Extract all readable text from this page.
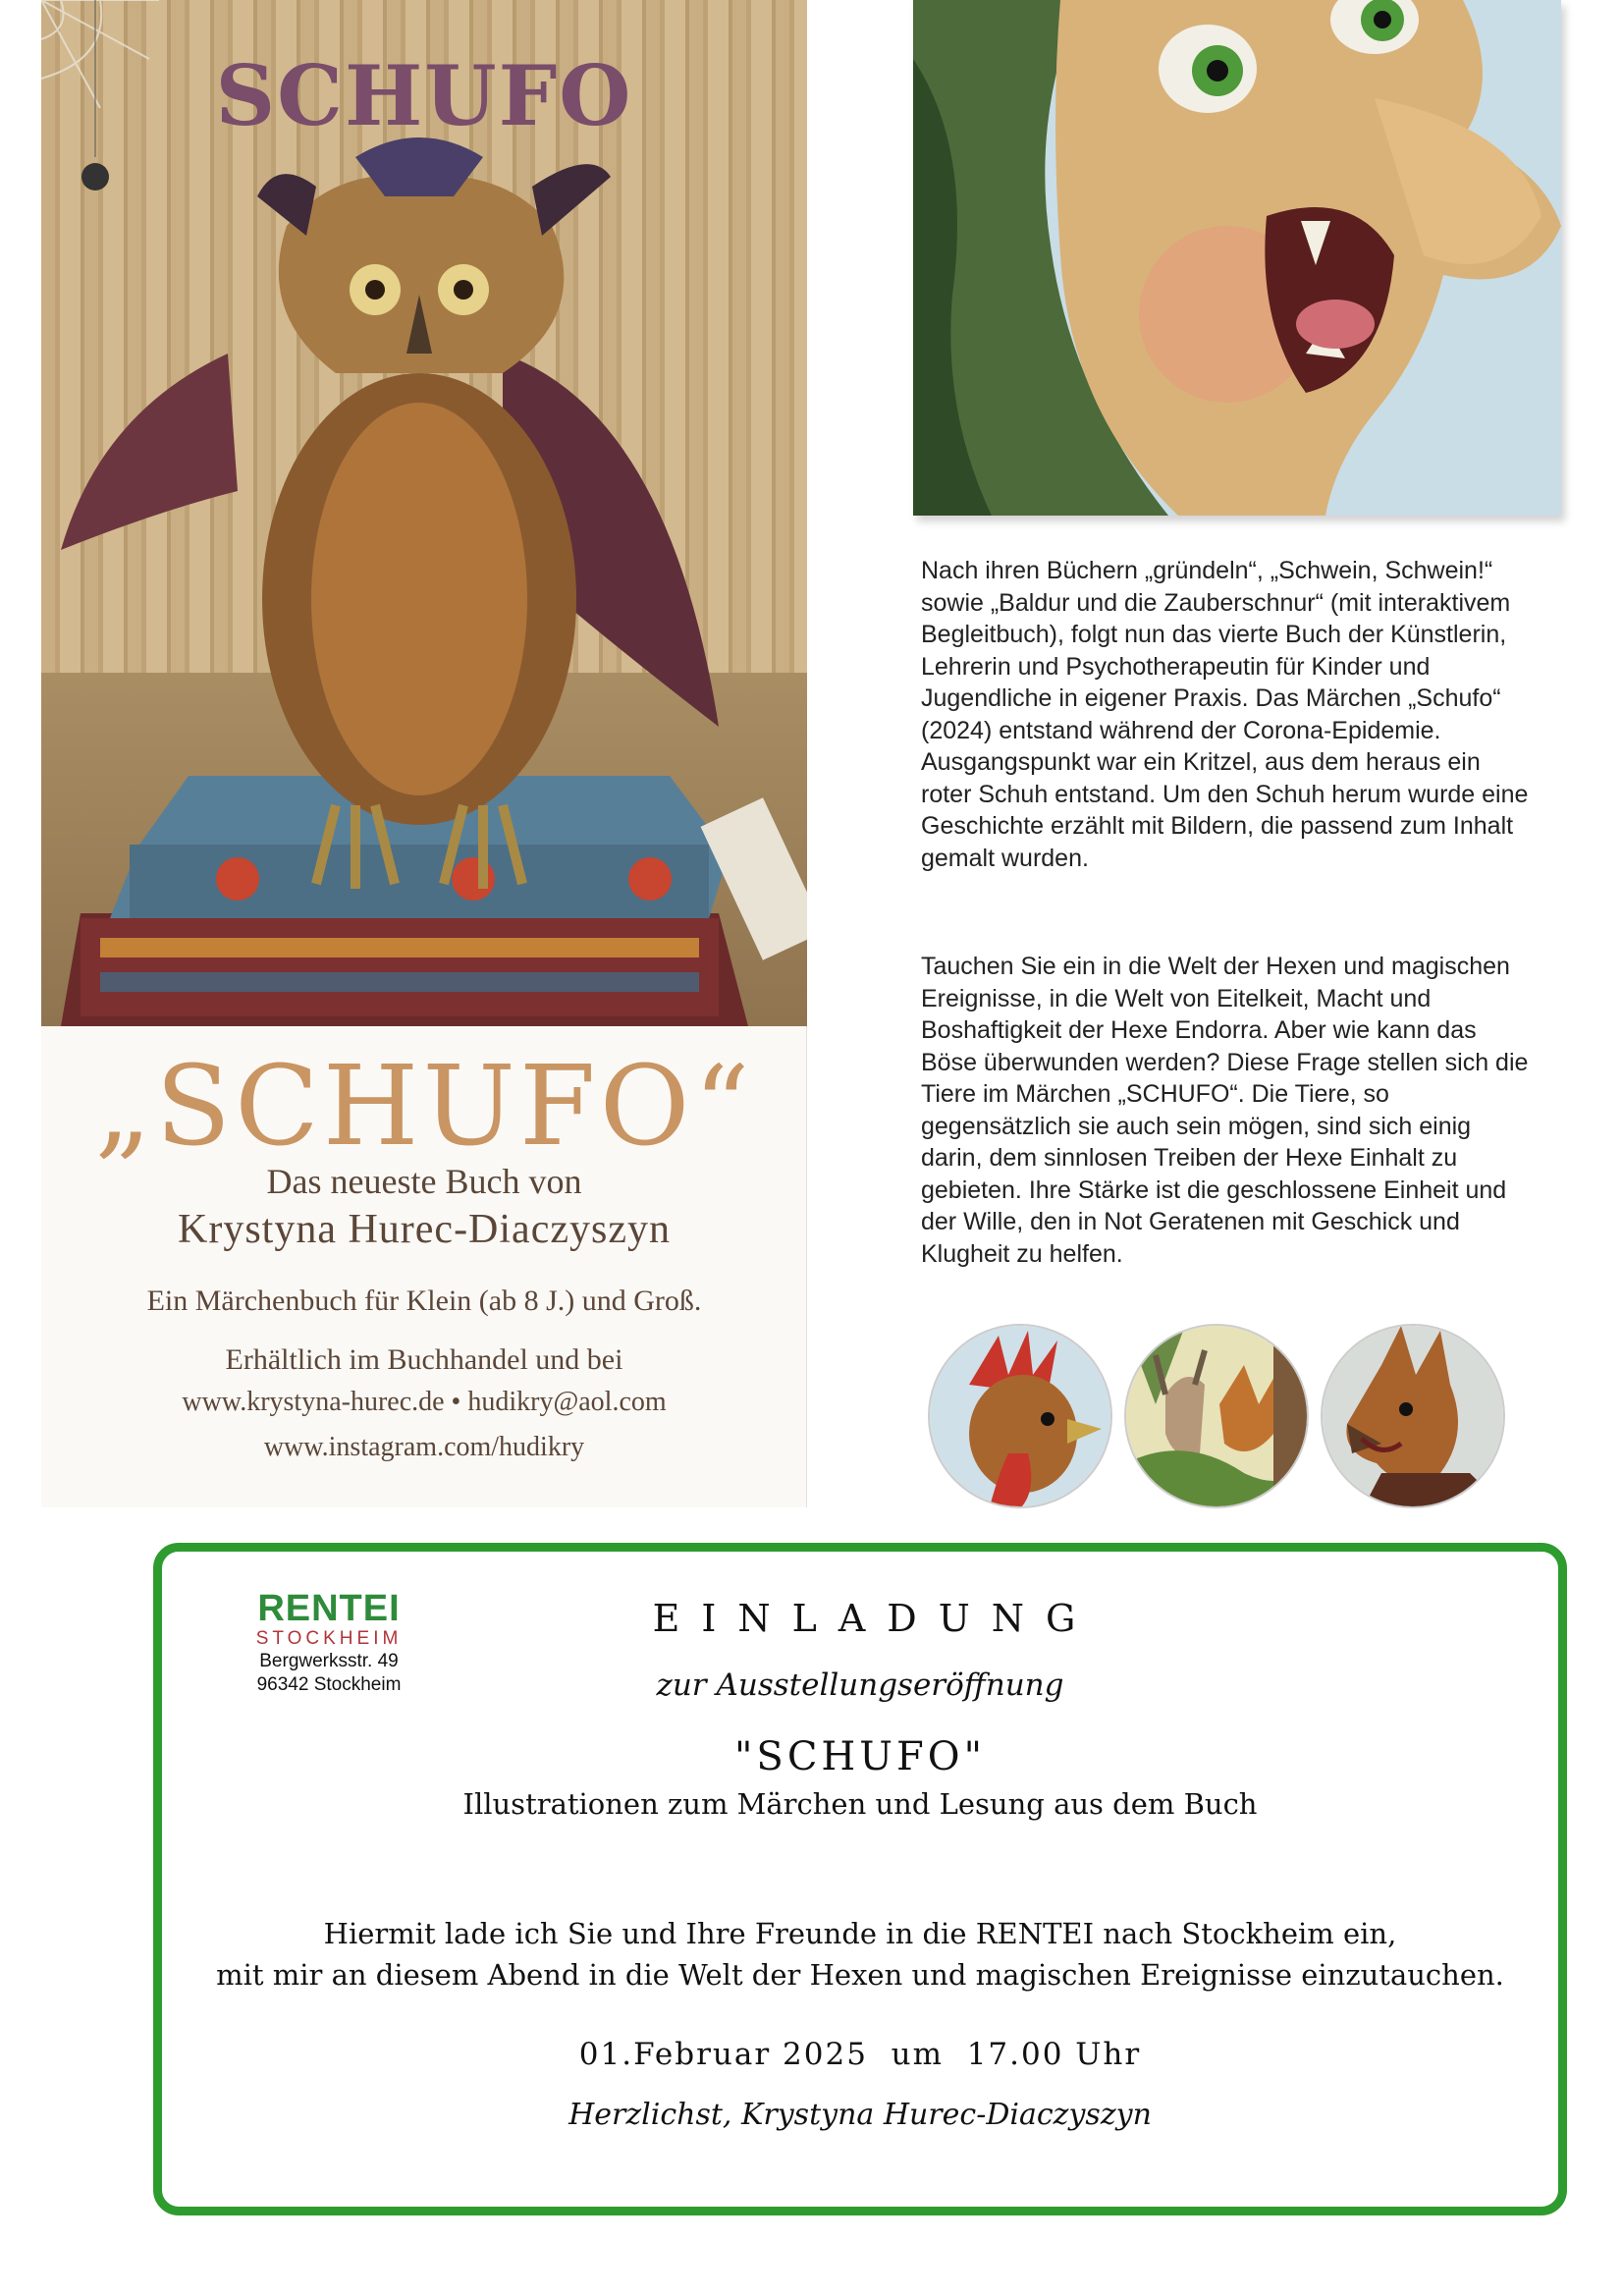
SCHUFO
„SCHUFO“
Das neueste Buch von
Krystyna Hurec-Diaczyszyn
Ein Märchenbuch für Klein (ab 8 J.) und Groß.
Erhältlich im Buchhandel und bei
www.krystyna-hurec.de • hudikry@aol.com
www.instagram.com/hudikry

Nach ihren Büchern „gründeln“, „Schwein, Schwein!“ sowie „Baldur und die Zauberschnur“ (mit interaktivem Begleitbuch), folgt nun das vierte Buch der Künstlerin, Lehrerin und Psychotherapeutin für Kinder und Jugendliche in eigener Praxis. Das Märchen „Schufo“ (2024) entstand während der Corona-Epidemie. Ausgangspunkt war ein Kritzel, aus dem heraus ein roter Schuh entstand. Um den Schuh herum wurde eine Geschichte erzählt mit Bildern, die passend zum Inhalt gemalt wurden.

Tauchen Sie ein in die Welt der Hexen und magischen Ereignisse, in die Welt von Eitelkeit, Macht und Boshaftigkeit der Hexe Endorra. Aber wie kann das Böse überwunden werden? Diese Frage stellen sich die Tiere im Märchen „SCHUFO“. Die Tiere, so gegensätzlich sie auch sein mögen, sind sich einig darin, dem sinnlosen Treiben der Hexe Einhalt zu gebieten. Ihre Stärke ist die geschlossene Einheit und der Wille, den in Not Geratenen mit Geschick und Klugheit zu helfen.

RENTEI
STOCKHEIM
Bergwerksstr. 49
96342 Stockheim
EINLADUNG
zur Ausstellungseröffnung
"SCHUFO"
Illustrationen zum Märchen und Lesung aus dem Buch
Hiermit lade ich Sie und Ihre Freunde in die RENTEI nach Stockheim ein,
mit mir an diesem Abend in die Welt der Hexen und magischen Ereignisse einzutauchen.
01.Februar 2025  um  17.00 Uhr
Herzlichst, Krystyna Hurec-Diaczyszyn
